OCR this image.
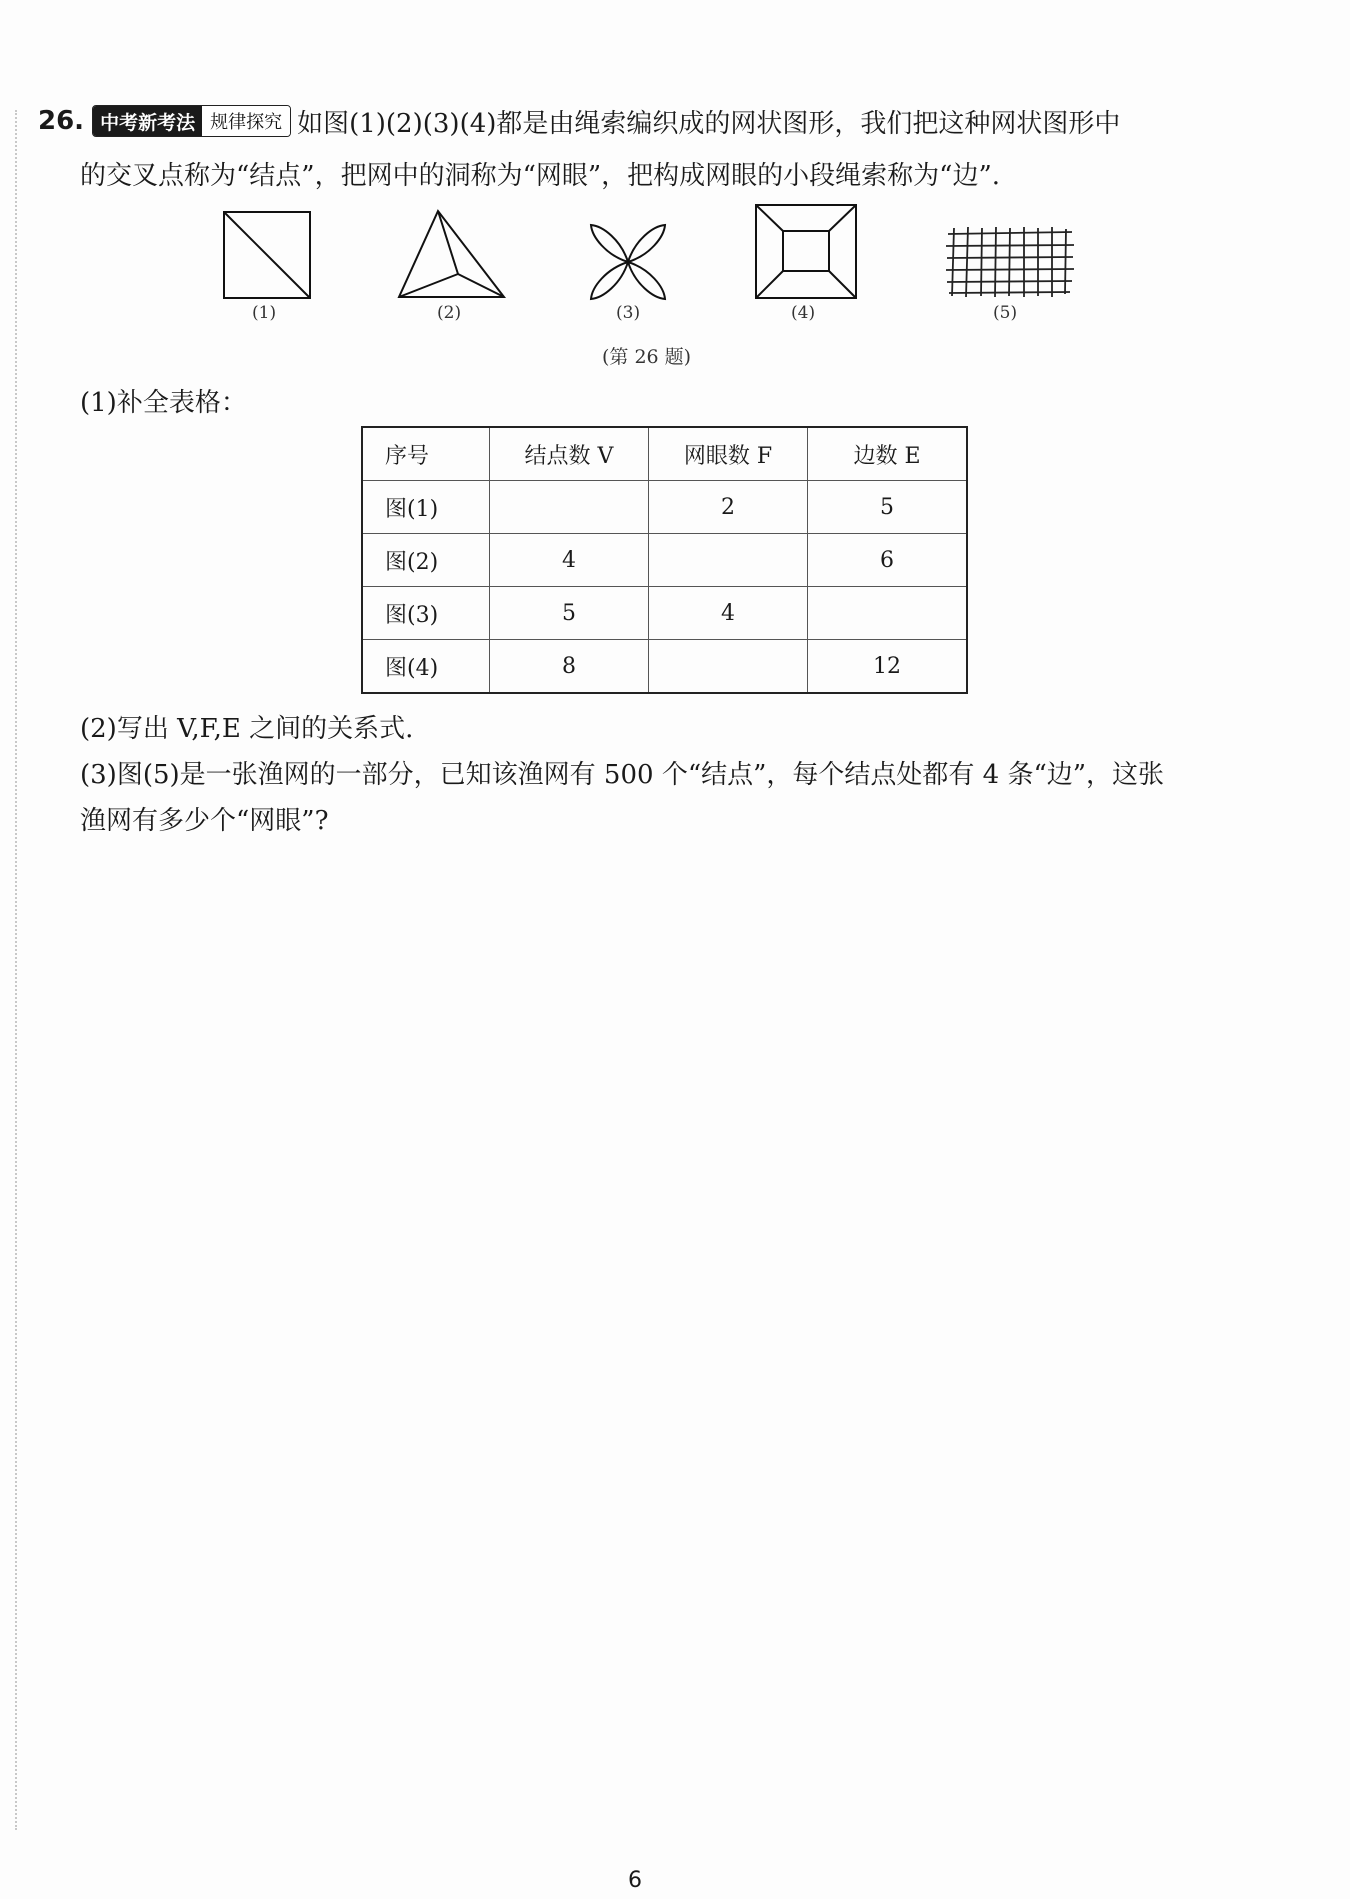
26. 中考新考法 规律探究 如图(1)(2)(3)(4)都是由绳索编织成的网状图形，我们把这种网状图形中
的交叉点称为“结点”，把网中的洞称为“网眼”，把构成网眼的小段绳索称为“边”.
(1)	(2)	(3)	(4)	(5)
(第 26 题)
(1)补全表格：
序号	结点数 V	网眼数 F	边数 E
图(1)		2	5
图(2)	4		6
图(3)	5	4	
图(4)	8		12
(2)写出 V,F,E 之间的关系式.
(3)图(5)是一张渔网的一部分，已知该渔网有 500 个“结点”，每个结点处都有 4 条“边”，这张
渔网有多少个“网眼”?
6
